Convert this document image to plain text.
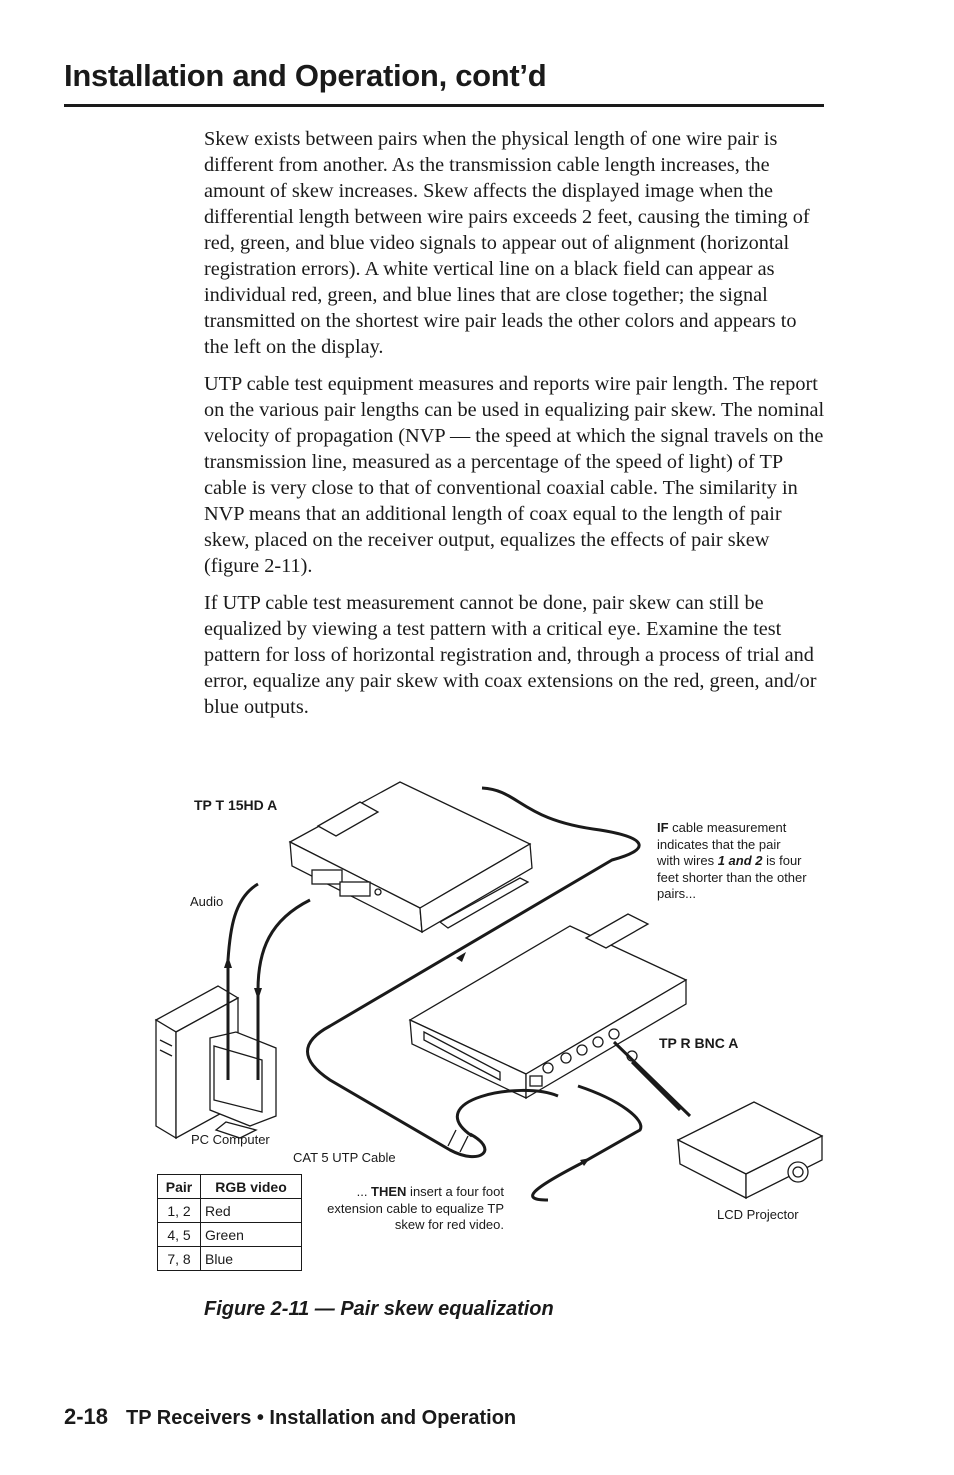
Installation and Operation, cont’d

Skew exists between pairs when the physical length of one wire pair is different from another. As the transmission cable length increases, the amount of skew increases. Skew affects the displayed image when the differential length between wire pairs exceeds 2 feet, causing the timing of red, green, and blue video signals to appear out of alignment (horizontal registration errors). A white vertical line on a black field can appear as individual red, green, and blue lines that are close together; the signal transmitted on the shortest wire pair leads the other colors and appears to the left on the display.

UTP cable test equipment measures and reports wire pair length. The report on the various pair lengths can be used in equalizing pair skew. The nominal velocity of propagation (NVP — the speed at which the signal travels on the transmission line, measured as a percentage of the speed of light) of TP cable is very close to that of conventional coaxial cable. The similarity in NVP means that an additional length of coax equal to the length of pair skew, placed on the receiver output, equalizes the effects of pair skew (figure 2-11).

If UTP cable test measurement cannot be done, pair skew can still be equalized by viewing a test pattern with a critical eye. Examine the test pattern for loss of horizontal registration and, through a process of trial and error, equalize any pair skew with coax extensions on the red, green, and/or blue outputs.

TP T 15HD A
Audio
TP R BNC A
PC Computer
CAT 5 UTP Cable
LCD Projector
IF cable measurement indicates that the pair with wires 1 and 2 is four feet shorter than the other pairs...
... THEN insert a four foot extension cable to equalize TP skew for red video.
Pair	RGB video
1, 2	Red
4, 5	Green
7, 8	Blue
Figure 2-11 — Pair skew equalization
2-18 TP Receivers • Installation and Operation
